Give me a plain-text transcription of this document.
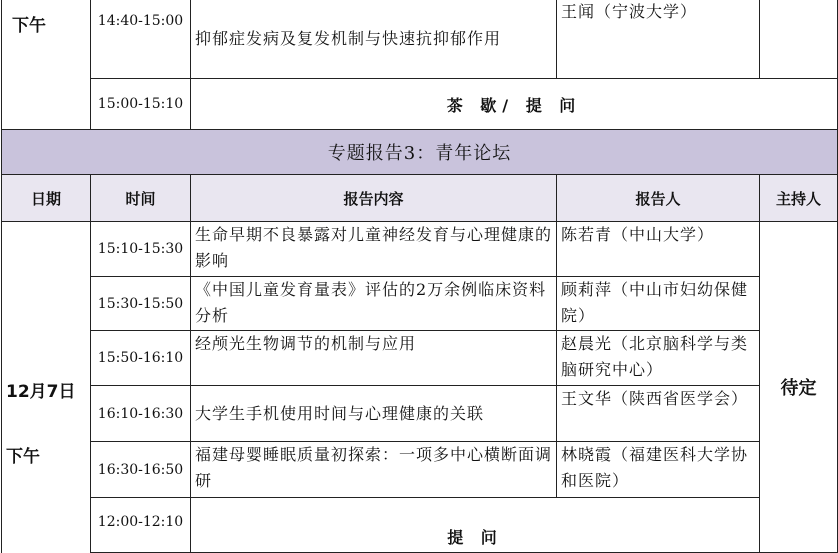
下午	14:40-15:00	抑郁症发病及复发机制与快速抗抑郁作用	王闻（宁波大学）	
	15:00-15:10	茶 歇/ 提 问		
专题报告3：青年论坛				
日期	时间	报告内容	报告人	主持人

12月7日
下午	15:10-15:30	生命早期不良暴露对儿童神经发育与心理健康的影响	陈若青（中山大学）	待定
	15:30-15:50	《中国儿童发育量表》评估的2万余例临床资料分析	顾莉萍（中山市妇幼保健院）	
	15:50-16:10	经颅光生物调节的机制与应用	赵晨光（北京脑科学与类脑研究中心）	
	16:10-16:30	大学生手机使用时间与心理健康的关联	王文华（陕西省医学会）	
	16:30-16:50	福建母婴睡眠质量初探索：一项多中心横断面调研	林晓霞（福建医科大学协和医院）	
	12:00-12:10	提 问		
